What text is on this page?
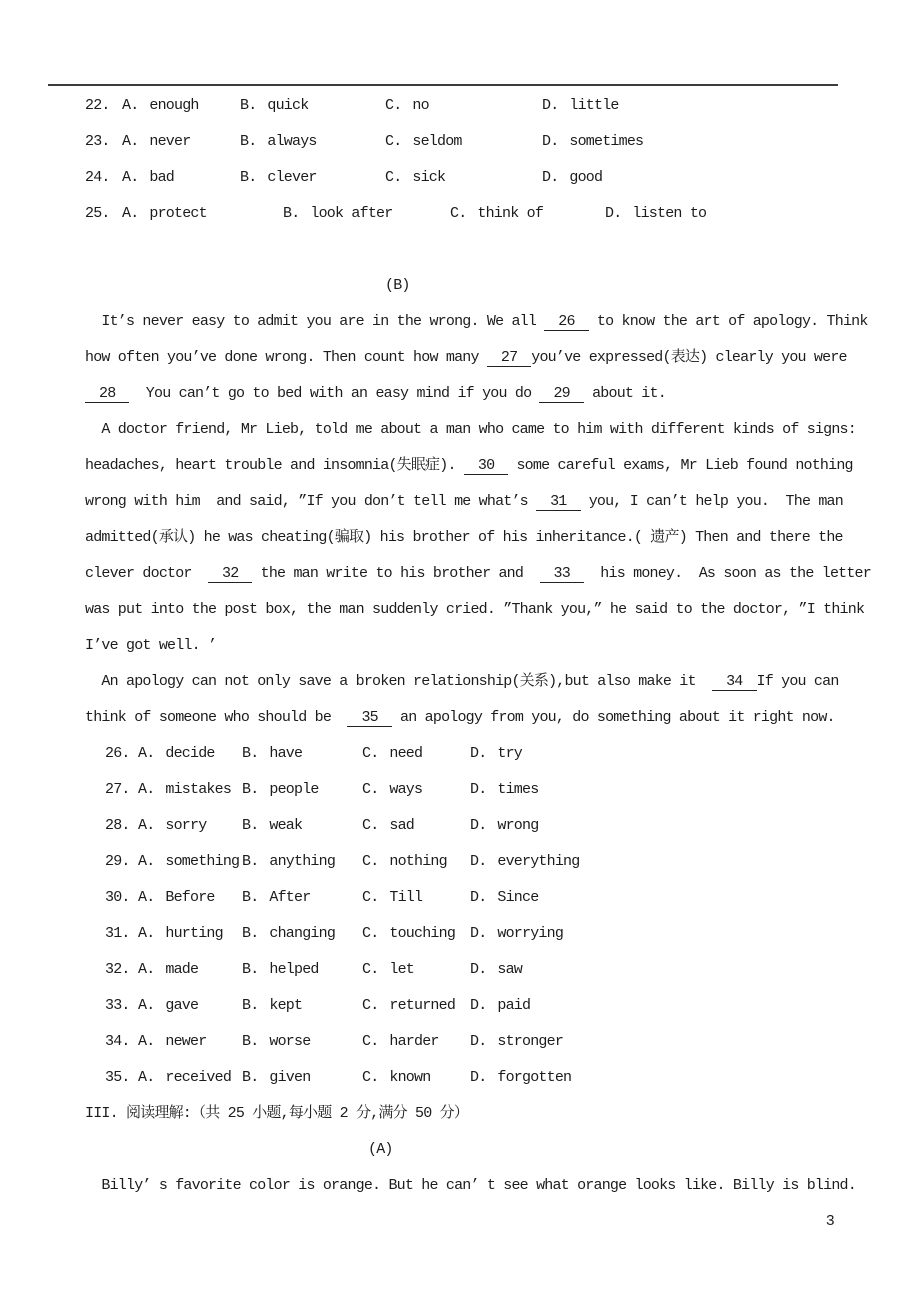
22. A. enough	B. quick	C. no	D. little
23. A. never	B. always	C. seldom	D. sometimes
24. A. bad	B. clever	C. sick	D. good
25. A. protect	B. look after	C. think of	D. listen to
(B)
It’s never easy to admit you are in the wrong. We all 26 to know the art of apology. Think
how often you’ve done wrong. Then count how many 27 you’ve expressed(表达) clearly you were
28  You can’t go to bed with an easy mind if you do 29 about it.
A doctor friend, Mr Lieb, told me about a man who came to him with different kinds of signs:
headaches, heart trouble and insomnia(失眠症). 30 some careful exams, Mr Lieb found nothing
wrong with him  and said, ”If you don’t tell me what’s 31 you, I can’t help you.  The man
admitted(承认) he was cheating(骗取) his brother of his inheritance.( 遗产) Then and there the
clever doctor  32 the man write to his brother and  33  his money.  As soon as the letter
was put into the post box, the man suddenly cried. ”Thank you,” he said to the doctor, ”I think
I’ve got well. ’
An apology can not only save a broken relationship(关系),but also make it  34 If you can
think of someone who should be  35 an apology from you, do something about it right now.
26. A. decide	B. have	C. need	D. try
27. A. mistakes B. people	C. ways	D. times
28. A. sorry	B. weak	C. sad	D. wrong
29. A. something B. anything	C. nothing	D. everything
30. A. Before	B. After	C. Till	D. Since
31. A. hurting	B. changing	C. touching D. worrying
32. A. made	B. helped	C. let	D. saw
33. A. gave	B. kept	C. returned D. paid
34. A. newer	B. worse	C. harder	D. stronger
35. A. received B. given	C. known	D. forgotten
III. 阅读理解:（共 25 小题,每小题 2 分,满分 50 分）
(A)
Billy’ s favorite color is orange. But he can’ t see what orange looks like. Billy is blind.
3
